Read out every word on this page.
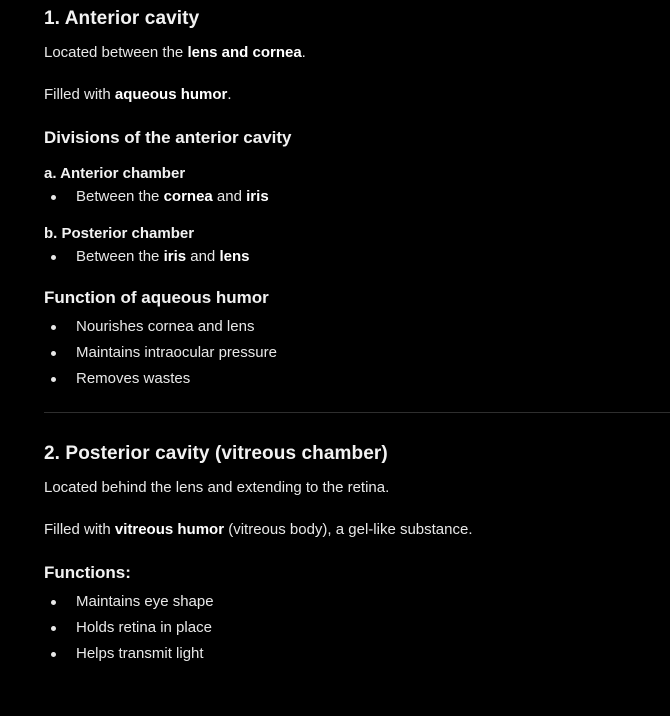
1. Anterior cavity

Located between the lens and cornea.

Filled with aqueous humor.

Divisions of the anterior cavity
a. Anterior chamber
Between the cornea and iris
b. Posterior chamber
Between the iris and lens
Function of aqueous humor
Nourishes cornea and lens
Maintains intraocular pressure
Removes wastes
2. Posterior cavity (vitreous chamber)

Located behind the lens and extending to the retina.

Filled with vitreous humor (vitreous body), a gel-like substance.

Functions:
Maintains eye shape
Holds retina in place
Helps transmit light
